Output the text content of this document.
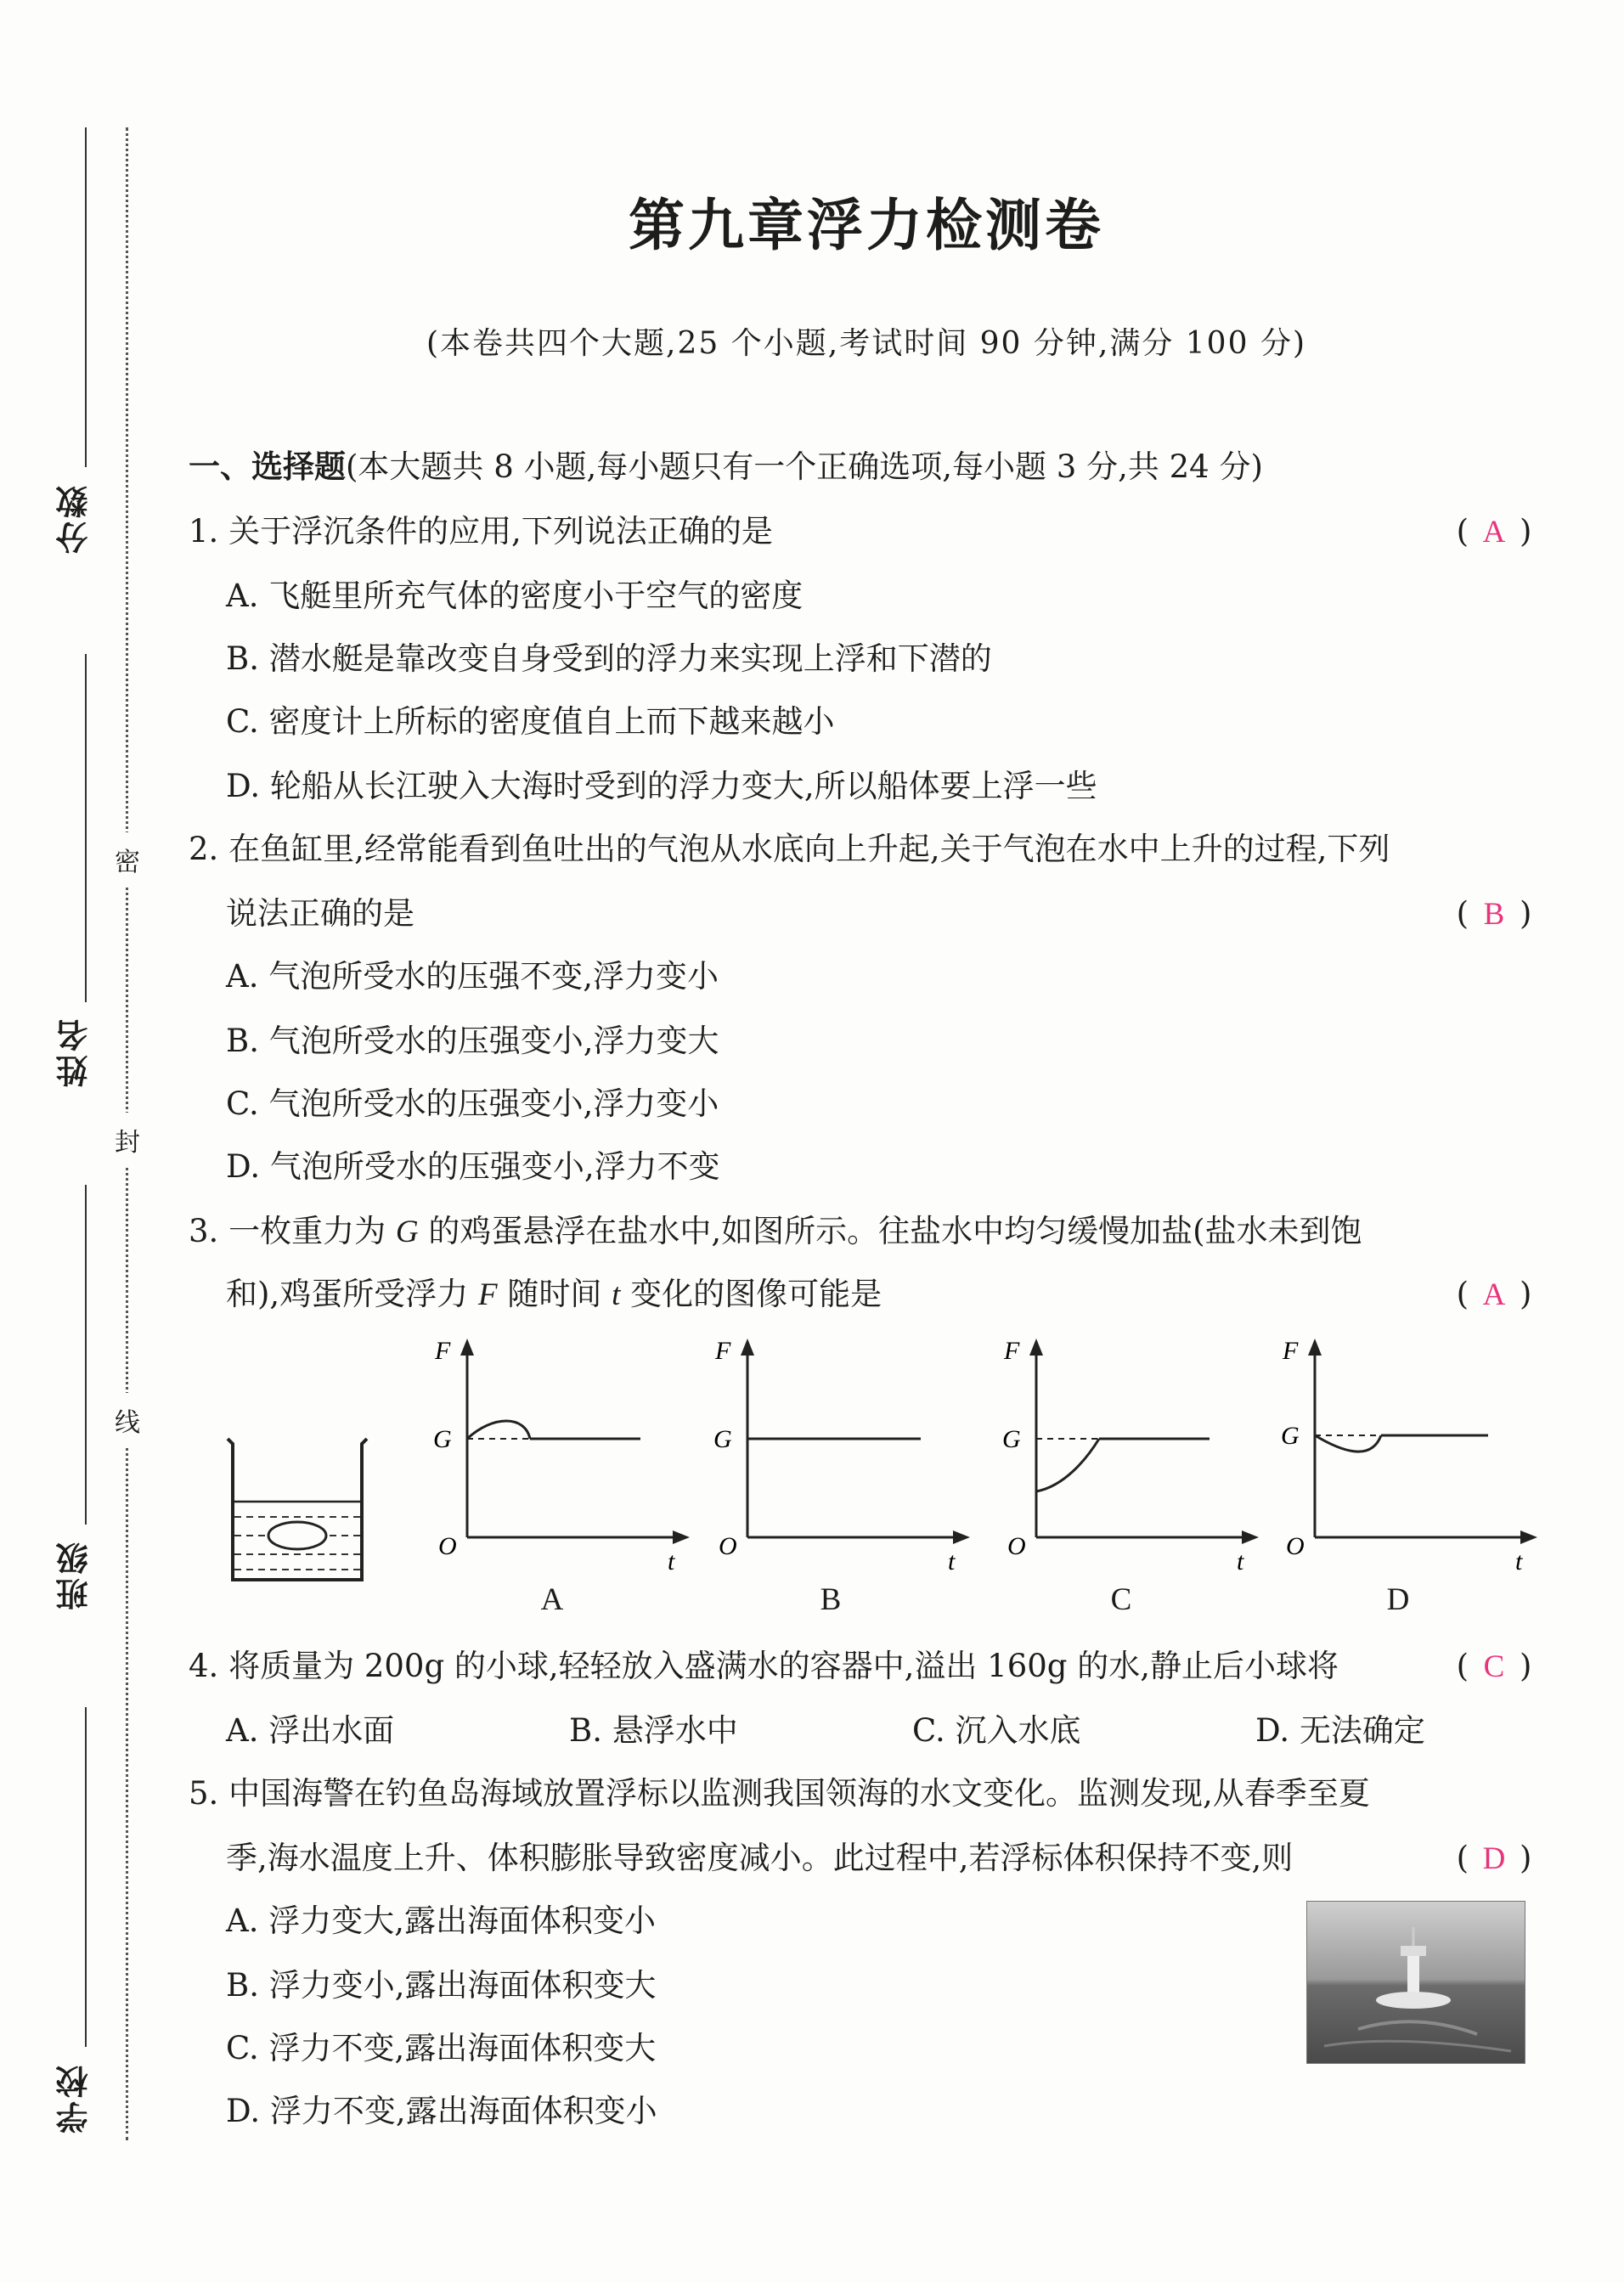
分数
姓名
班级
学校
密
封
线
第九章浮力检测卷
(本卷共四个大题,25 个小题,考试时间 90 分钟,满分 100 分)
一、选择题(本大题共 8 小题,每小题只有一个正确选项,每小题 3 分,共 24 分)
1. 关于浮沉条件的应用,下列说法正确的是	( A )
A. 飞艇里所充气体的密度小于空气的密度
B. 潜水艇是靠改变自身受到的浮力来实现上浮和下潜的
C. 密度计上所标的密度值自上而下越来越小
D. 轮船从长江驶入大海时受到的浮力变大,所以船体要上浮一些
2. 在鱼缸里,经常能看到鱼吐出的气泡从水底向上升起,关于气泡在水中上升的过程,下列
说法正确的是	( B )
A. 气泡所受水的压强不变,浮力变小
B. 气泡所受水的压强变小,浮力变大
C. 气泡所受水的压强变小,浮力变小
D. 气泡所受水的压强变小,浮力不变
3. 一枚重力为 G 的鸡蛋悬浮在盐水中,如图所示。往盐水中均匀缓慢加盐(盐水未到饱
和),鸡蛋所受浮力 F 随时间 t 变化的图像可能是	( A )
F
G
O
t
A
F
G
O
t
B
F
G
O
t
C
F
G
O
t
D
4. 将质量为 200g 的小球,轻轻放入盛满水的容器中,溢出 160g 的水,静止后小球将	( C )
A. 浮出水面	B. 悬浮水中	C. 沉入水底	D. 无法确定
5. 中国海警在钓鱼岛海域放置浮标以监测我国领海的水文变化。监测发现,从春季至夏
季,海水温度上升、体积膨胀导致密度减小。此过程中,若浮标体积保持不变,则	( D )
A. 浮力变大,露出海面体积变小
B. 浮力变小,露出海面体积变大
C. 浮力不变,露出海面体积变大
D. 浮力不变,露出海面体积变小
